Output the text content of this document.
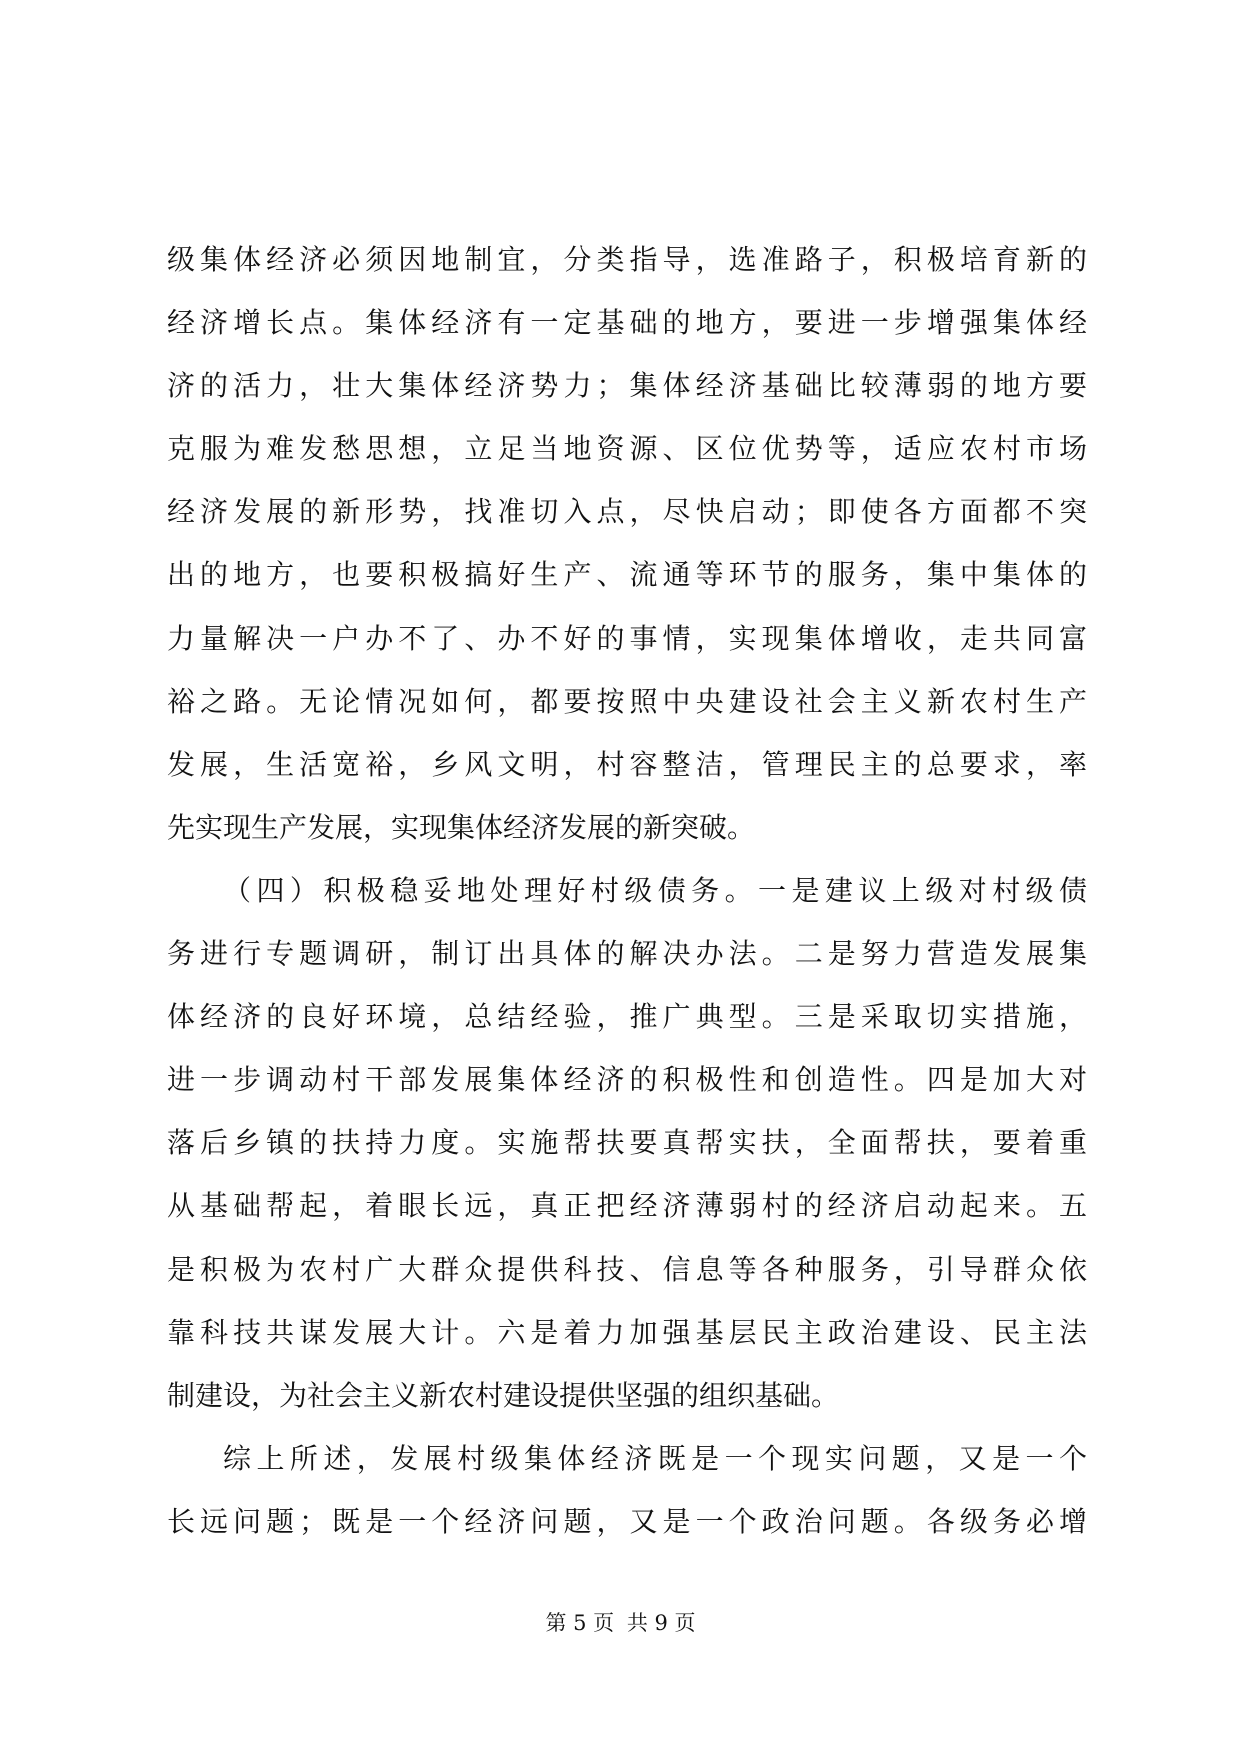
级集体经济必须因地制宜，分类指导，选准路子，积极培育新的
经济增长点。集体经济有一定基础的地方，要进一步增强集体经
济的活力，壮大集体经济势力；集体经济基础比较薄弱的地方要
克服为难发愁思想，立足当地资源、区位优势等，适应农村市场
经济发展的新形势，找准切入点，尽快启动；即使各方面都不突
出的地方，也要积极搞好生产、流通等环节的服务，集中集体的
力量解决一户办不了、办不好的事情，实现集体增收，走共同富
裕之路。无论情况如何，都要按照中央建设社会主义新农村生产
发展，生活宽裕，乡风文明，村容整洁，管理民主的总要求，率
先实现生产发展，实现集体经济发展的新突破。
（四）积极稳妥地处理好村级债务。一是建议上级对村级债
务进行专题调研，制订出具体的解决办法。二是努力营造发展集
体经济的良好环境，总结经验，推广典型。三是采取切实措施，
进一步调动村干部发展集体经济的积极性和创造性。四是加大对
落后乡镇的扶持力度。实施帮扶要真帮实扶，全面帮扶，要着重
从基础帮起，着眼长远，真正把经济薄弱村的经济启动起来。五
是积极为农村广大群众提供科技、信息等各种服务，引导群众依
靠科技共谋发展大计。六是着力加强基层民主政治建设、民主法
制建设，为社会主义新农村建设提供坚强的组织基础。
综上所述，发展村级集体经济既是一个现实问题，又是一个
长远问题；既是一个经济问题，又是一个政治问题。各级务必增
第 5 页 共 9 页
